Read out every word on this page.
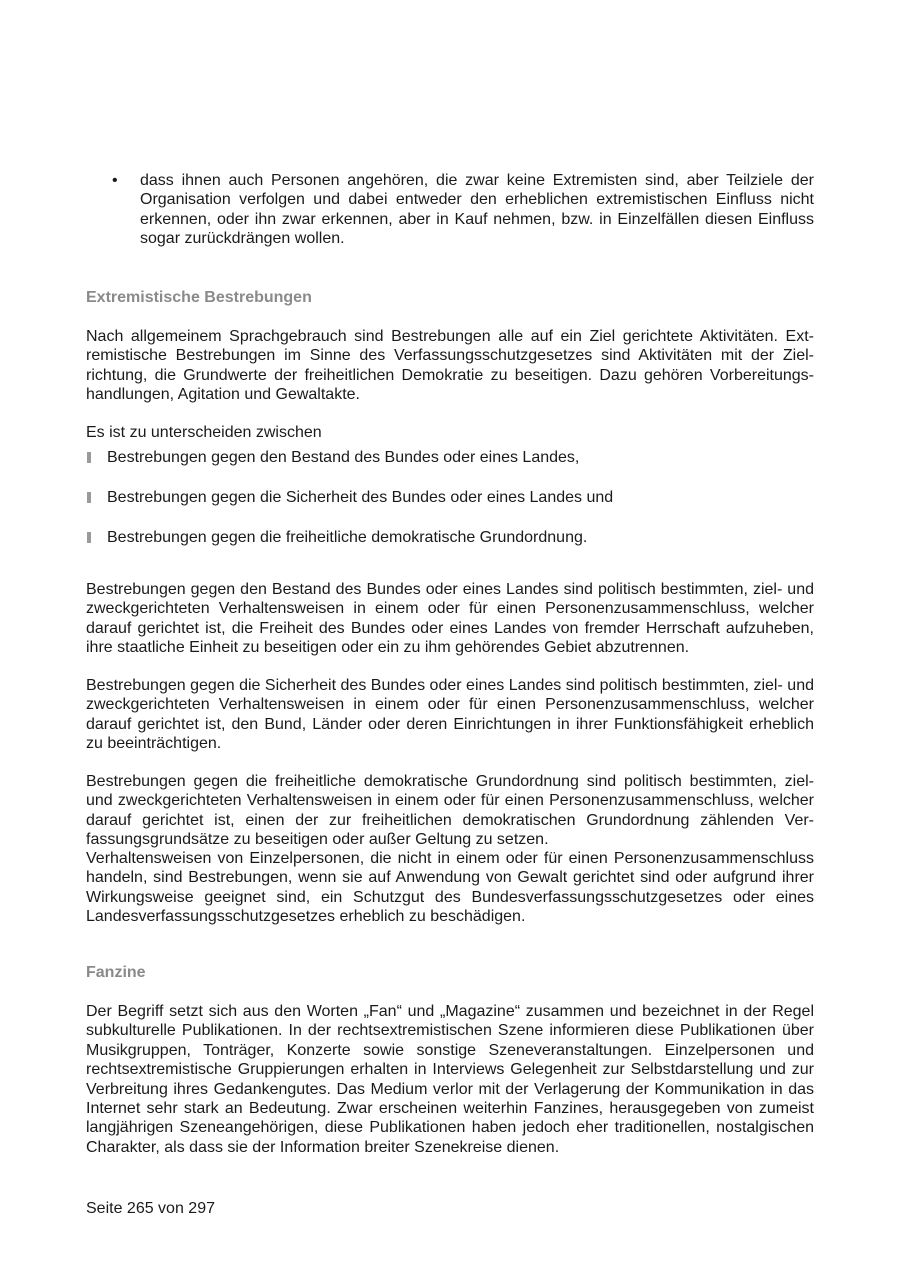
• dass ihnen auch Personen angehören, die zwar keine Extremisten sind, aber Teilziele der Organisation verfolgen und dabei entweder den erheblichen extremistischen Einfluss nicht erkennen, oder ihn zwar erkennen, aber in Kauf nehmen, bzw. in Einzelfällen diesen Einfluss sogar zurückdrängen wollen.

Extremistische Bestrebungen

Nach allgemeinem Sprachgebrauch sind Bestrebungen alle auf ein Ziel gerichtete Aktivitäten. Extremistische Bestrebungen im Sinne des Verfassungsschutzgesetzes sind Aktivitäten mit der Zielrichtung, die Grundwerte der freiheitlichen Demokratie zu beseitigen. Dazu gehören Vorbereitungshandlungen, Agitation und Gewaltakte.

Es ist zu unterscheiden zwischen

Bestrebungen gegen den Bestand des Bundes oder eines Landes,
Bestrebungen gegen die Sicherheit des Bundes oder eines Landes und
Bestrebungen gegen die freiheitliche demokratische Grundordnung.

Bestrebungen gegen den Bestand des Bundes oder eines Landes sind politisch bestimmten, ziel- und zweckgerichteten Verhaltensweisen in einem oder für einen Personenzusammenschluss, welcher darauf gerichtet ist, die Freiheit des Bundes oder eines Landes von fremder Herrschaft aufzuheben, ihre staatliche Einheit zu beseitigen oder ein zu ihm gehörendes Gebiet abzutrennen.

Bestrebungen gegen die Sicherheit des Bundes oder eines Landes sind politisch bestimmten, ziel- und zweckgerichteten Verhaltensweisen in einem oder für einen Personenzusammenschluss, welcher darauf gerichtet ist, den Bund, Länder oder deren Einrichtungen in ihrer Funktionsfähigkeit erheblich zu beeinträchtigen.

Bestrebungen gegen die freiheitliche demokratische Grundordnung sind politisch bestimmten, ziel- und zweckgerichteten Verhaltensweisen in einem oder für einen Personenzusammenschluss, welcher darauf gerichtet ist, einen der zur freiheitlichen demokratischen Grundordnung zählenden Verfassungsgrundsätze zu beseitigen oder außer Geltung zu setzen.

Verhaltensweisen von Einzelpersonen, die nicht in einem oder für einen Personenzusammenschluss handeln, sind Bestrebungen, wenn sie auf Anwendung von Gewalt gerichtet sind oder aufgrund ihrer Wirkungsweise geeignet sind, ein Schutzgut des Bundesverfassungsschutzgesetzes oder eines Landesverfassungsschutzgesetzes erheblich zu beschädigen.

Fanzine

Der Begriff setzt sich aus den Worten „Fan“ und „Magazine“ zusammen und bezeichnet in der Regel subkulturelle Publikationen. In der rechtsextremistischen Szene informieren diese Publikationen über Musikgruppen, Tonträger, Konzerte sowie sonstige Szeneveranstaltungen. Einzelpersonen und rechtsextremistische Gruppierungen erhalten in Interviews Gelegenheit zur Selbstdarstellung und zur Verbreitung ihres Gedankengutes. Das Medium verlor mit der Verlagerung der Kommunikation in das Internet sehr stark an Bedeutung. Zwar erscheinen weiterhin Fanzines, herausgegeben von zumeist langjährigen Szeneangehörigen, diese Publikationen haben jedoch eher traditionellen, nostalgischen Charakter, als dass sie der Information breiter Szenekreise dienen.

Seite 265 von 297
